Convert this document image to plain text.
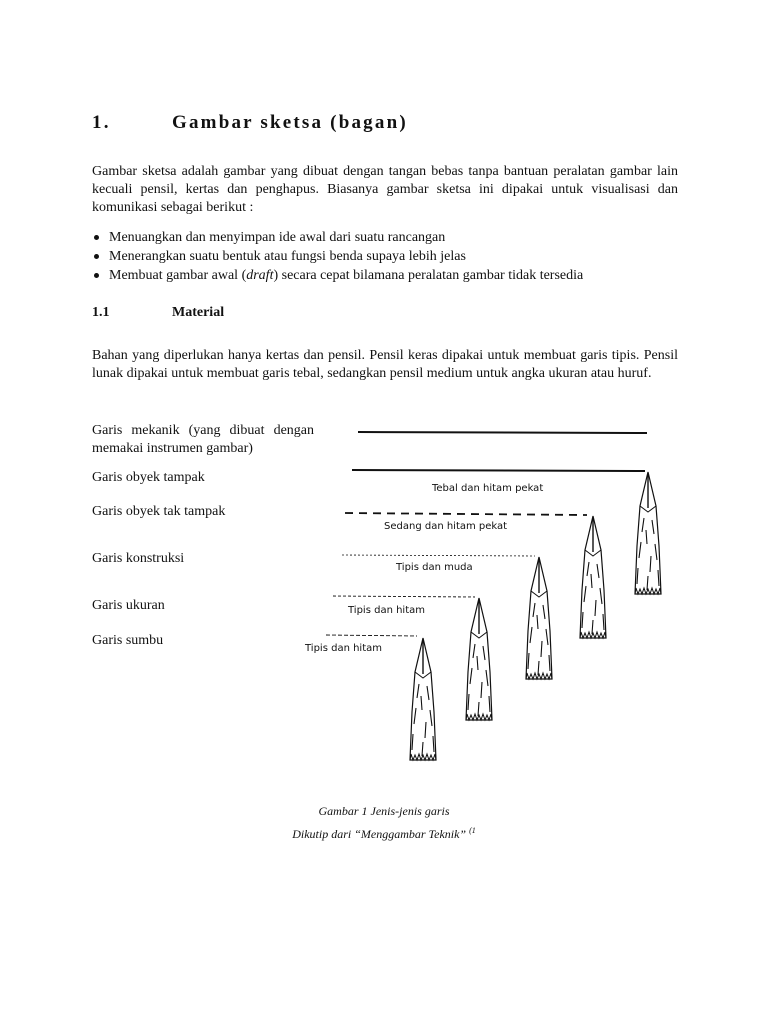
1.	Gambar sketsa (bagan)

Gambar sketsa adalah gambar yang dibuat dengan tangan bebas tanpa bantuan peralatan gambar lain kecuali pensil, kertas dan penghapus. Biasanya gambar sketsa ini dipakai untuk visualisasi dan komunikasi sebagai berikut :

Menuangkan dan menyimpan ide awal dari suatu rancangan
Menerangkan suatu bentuk atau fungsi benda supaya lebih jelas
Membuat gambar awal (draft) secara cepat bilamana peralatan gambar tidak tersedia
1.1	Material

Bahan yang diperlukan hanya kertas dan pensil. Pensil keras dipakai untuk membuat garis tipis. Pensil lunak dipakai untuk membuat garis tebal, sedangkan pensil medium untuk angka ukuran atau huruf.

Garis mekanik (yang dibuat dengan memakai instrumen gambar)

Garis obyek tampak

Garis obyek tak tampak

Garis konstruksi

Garis ukuran

Garis sumbu

Tebal dan hitam pekat
Sedang dan hitam pekat
Tipis dan muda
Tipis dan hitam
Tipis dan hitam

Gambar 1 Jenis-jenis garis

Dikutip dari “Menggambar Teknik” $^{(1}$
